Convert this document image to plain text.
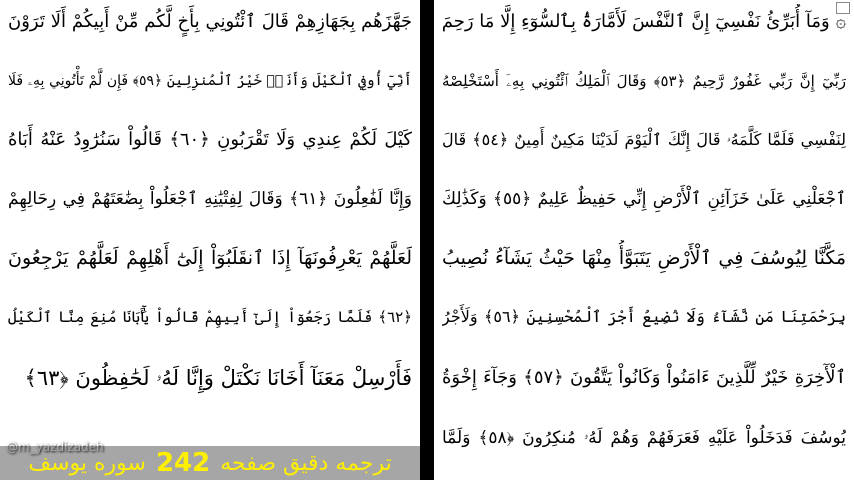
جَهَّزَهُم بِجَهَازِهِمْ قَالَ ٱئْتُونِي بِأَخٍ لَّكُم مِّنْ أَبِيكُمْ أَلَا تَرَوْنَ
أَنِّيٓ أُوفِي ٱلْكَيْلَ وَأَنَا۠ خَيْرُ ٱلْمُنزِلِينَ ﴿٥٩﴾ فَإِن لَّمْ تَأْتُونِي بِهِۦ فَلَا
كَيْلَ لَكُمْ عِندِي وَلَا تَقْرَبُونِ ﴿٦٠﴾ قَالُواْ سَنُرَٰوِدُ عَنْهُ أَبَاهُ
وَإِنَّا لَفَٰعِلُونَ ﴿٦١﴾ وَقَالَ لِفِتْيَٰنِهِ ٱجْعَلُواْ بِضَٰعَتَهُمْ فِي رِحَالِهِمْ
لَعَلَّهُمْ يَعْرِفُونَهَآ إِذَا ٱنقَلَبُوٓاْ إِلَىٰٓ أَهْلِهِمْ لَعَلَّهُمْ يَرْجِعُونَ
﴿٦٢﴾ فَلَمَّا رَجَعُوٓاْ إِلَىٰٓ أَبِيهِمْ قَالُواْ يَٰٓأَبَانَا مُنِعَ مِنَّا ٱلْكَيْلُ
فَأَرْسِلْ مَعَنَآ أَخَانَا نَكْتَلْ وَإِنَّا لَهُۥ لَحَٰفِظُونَ ﴿٦٣﴾
@m_yazdizadeh
ترجمه دقیق صفحه
242
سوره یوسف
۞ وَمَآ أُبَرِّئُ نَفْسِيٓ إِنَّ ٱلنَّفْسَ لَأَمَّارَةُۢ بِٱلسُّوٓءِ إِلَّا مَا رَحِمَ
رَبِّيٓ إِنَّ رَبِّي غَفُورٌ رَّحِيمٌ ﴿٥٣﴾ وَقَالَ ٱلْمَلِكُ ٱئْتُونِي بِهِۦٓ أَسْتَخْلِصْهُ
لِنَفْسِي فَلَمَّا كَلَّمَهُۥ قَالَ إِنَّكَ ٱلْيَوْمَ لَدَيْنَا مَكِينٌ أَمِينٌ ﴿٥٤﴾ قَالَ
ٱجْعَلْنِي عَلَىٰ خَزَآئِنِ ٱلْأَرْضِ إِنِّي حَفِيظٌ عَلِيمٌ ﴿٥٥﴾ وَكَذَٰلِكَ
مَكَّنَّا لِيُوسُفَ فِي ٱلْأَرْضِ يَتَبَوَّأُ مِنْهَا حَيْثُ يَشَآءُ نُصِيبُ
بِرَحْمَتِنَا مَن نَّشَآءُ وَلَا نُضِيعُ أَجْرَ ٱلْمُحْسِنِينَ ﴿٥٦﴾ وَلَأَجْرُ
ٱلْأٓخِرَةِ خَيْرٌ لِّلَّذِينَ ءَامَنُواْ وَكَانُواْ يَتَّقُونَ ﴿٥٧﴾ وَجَآءَ إِخْوَةُ
يُوسُفَ فَدَخَلُواْ عَلَيْهِ فَعَرَفَهُمْ وَهُمْ لَهُۥ مُنكِرُونَ ﴿٥٨﴾ وَلَمَّا
